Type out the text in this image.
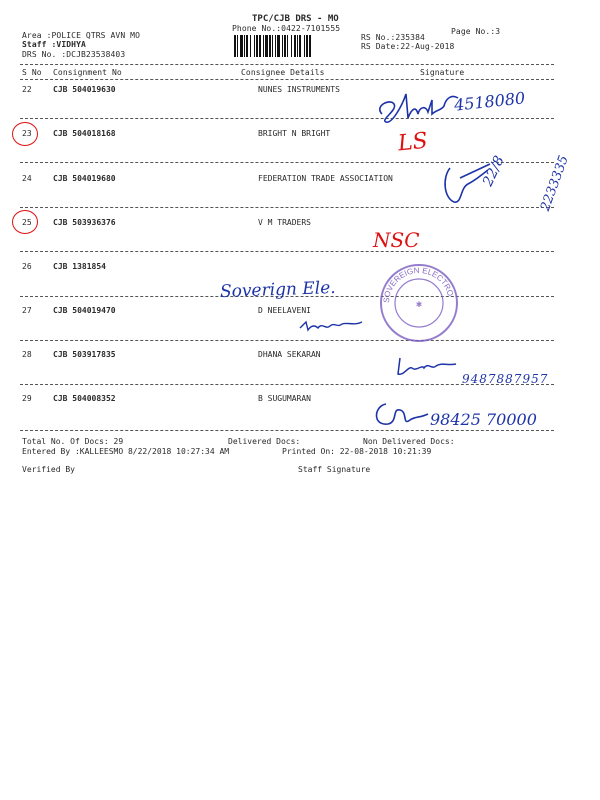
TPC/CJB DRS - MO
Phone No.:0422-7101555	Page No.:3
Area :POLICE QTRS AVN MO
Staff :VIDHYA
DRS No. :DCJB23538403
RS No.:235384
RS Date:22-Aug-2018
S No Consignment No	Consignee Details	Signature
22	CJB 504019630	NUNES INSTRUMENTS
23	CJB 504018168	BRIGHT N BRIGHT
24	CJB 504019680	FEDERATION TRADE ASSOCIATION
25	CJB 503936376	V M TRADERS
26	CJB 1381854
27	CJB 504019470	D NEELAVENI
28	CJB 503917835	DHANA SEKARAN
29	CJB 504008352	B SUGUMARAN
4518080
LS
22/8 2233335
NSC
Soverign Ele.	SOVEREIGN ELECTRO
✱
9487887957
98425 70000
Total No. Of Docs: 29	Delivered Docs:	Non Delivered Docs:
Entered By :KALLEESMO 8/22/2018 10:27:34 AM	Printed On: 22-08-2018 10:21:39
Verified By	Staff Signature
